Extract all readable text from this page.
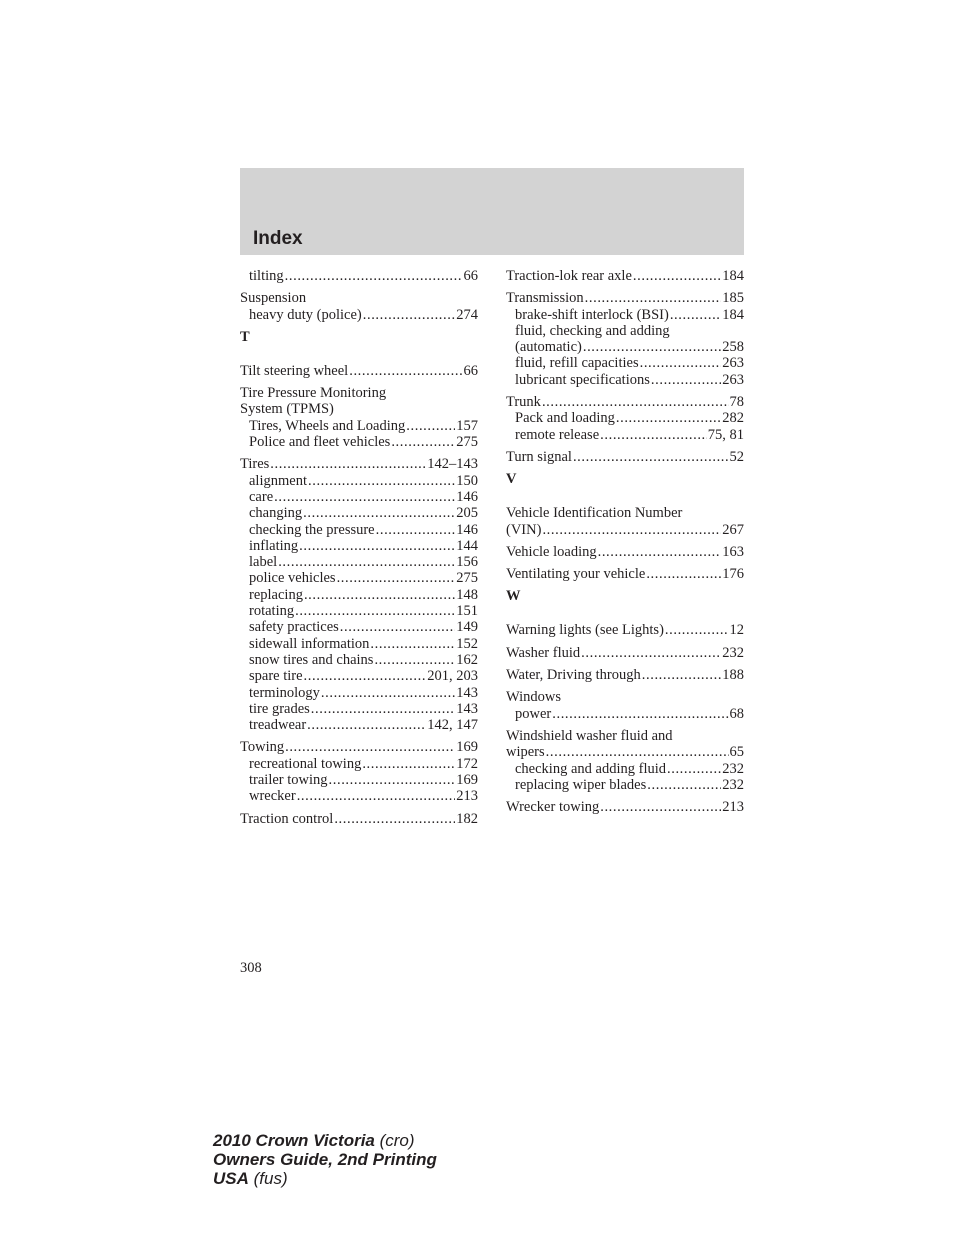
Index
tilting .....	66
Suspension
heavy duty (police) .....	274
T
Tilt steering wheel .....	66
Tire Pressure Monitoring
System (TPMS)
Tires, Wheels and Loading .....	157
Police and fleet vehicles .....	275
Tires .....	142–143
alignment .....	150
care .....	146
changing .....	205
checking the pressure .....	146
inflating .....	144
label .....	156
police vehicles .....	275
replacing .....	148
rotating .....	151
safety practices .....	149
sidewall information .....	152
snow tires and chains .....	162
spare tire .....	201, 203
terminology .....	143
tire grades .....	143
treadwear .....	142, 147
Towing .....	169
recreational towing .....	172
trailer towing .....	169
wrecker .....	213
Traction control .....	182
Traction-lok rear axle .....	184
Transmission .....	185
brake-shift interlock (BSI) .....	184
fluid, checking and adding
(automatic) .....	258
fluid, refill capacities .....	263
lubricant specifications .....	263
Trunk .....	78
Pack and loading .....	282
remote release .....	75, 81
Turn signal .....	52
V
Vehicle Identification Number
(VIN) .....	267
Vehicle loading .....	163
Ventilating your vehicle .....	176
W
Warning lights (see Lights) .....	12
Washer fluid .....	232
Water, Driving through .....	188
Windows
power .....	68
Windshield washer fluid and
wipers .....	65
checking and adding fluid .....	232
replacing wiper blades .....	232
Wrecker towing .....	213
308
2010 Crown Victoria (cro)
Owners Guide, 2nd Printing
USA (fus)
